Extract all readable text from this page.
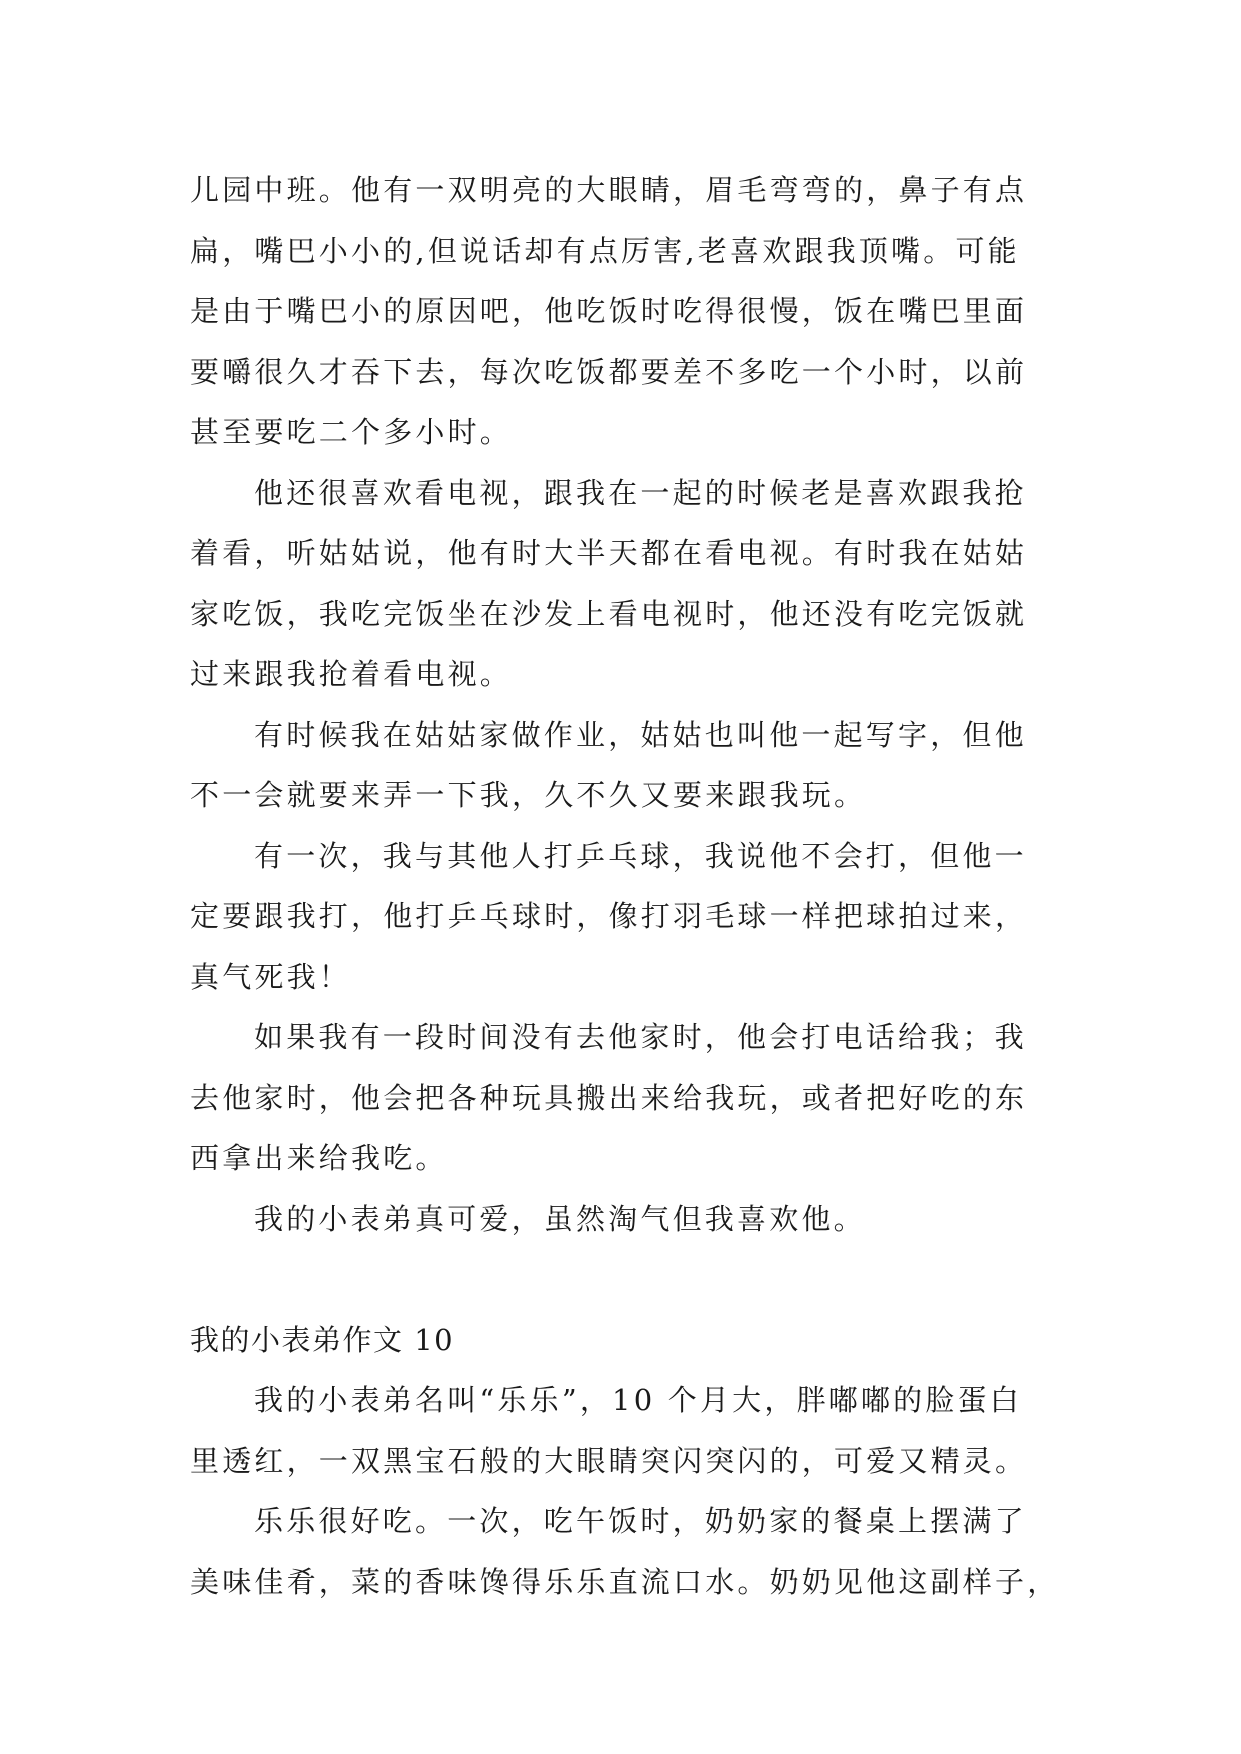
儿园中班。他有一双明亮的大眼睛，眉毛弯弯的，鼻子有点
扁，嘴巴小小的,但说话却有点厉害,老喜欢跟我顶嘴。可能
是由于嘴巴小的原因吧，他吃饭时吃得很慢，饭在嘴巴里面
要嚼很久才吞下去，每次吃饭都要差不多吃一个小时，以前
甚至要吃二个多小时。
他还很喜欢看电视，跟我在一起的时候老是喜欢跟我抢
着看，听姑姑说，他有时大半天都在看电视。有时我在姑姑
家吃饭，我吃完饭坐在沙发上看电视时，他还没有吃完饭就
过来跟我抢着看电视。
有时候我在姑姑家做作业，姑姑也叫他一起写字，但他
不一会就要来弄一下我，久不久又要来跟我玩。
有一次，我与其他人打乒乓球，我说他不会打，但他一
定要跟我打，他打乒乓球时，像打羽毛球一样把球拍过来，
真气死我！
如果我有一段时间没有去他家时，他会打电话给我；我
去他家时，他会把各种玩具搬出来给我玩，或者把好吃的东
西拿出来给我吃。
我的小表弟真可爱，虽然淘气但我喜欢他。
我的小表弟作文 10
我的小表弟名叫“乐乐”，10 个月大，胖嘟嘟的脸蛋白
里透红，一双黑宝石般的大眼睛突闪突闪的，可爱又精灵。
乐乐很好吃。一次，吃午饭时，奶奶家的餐桌上摆满了
美味佳肴，菜的香味馋得乐乐直流口水。奶奶见他这副样子，
